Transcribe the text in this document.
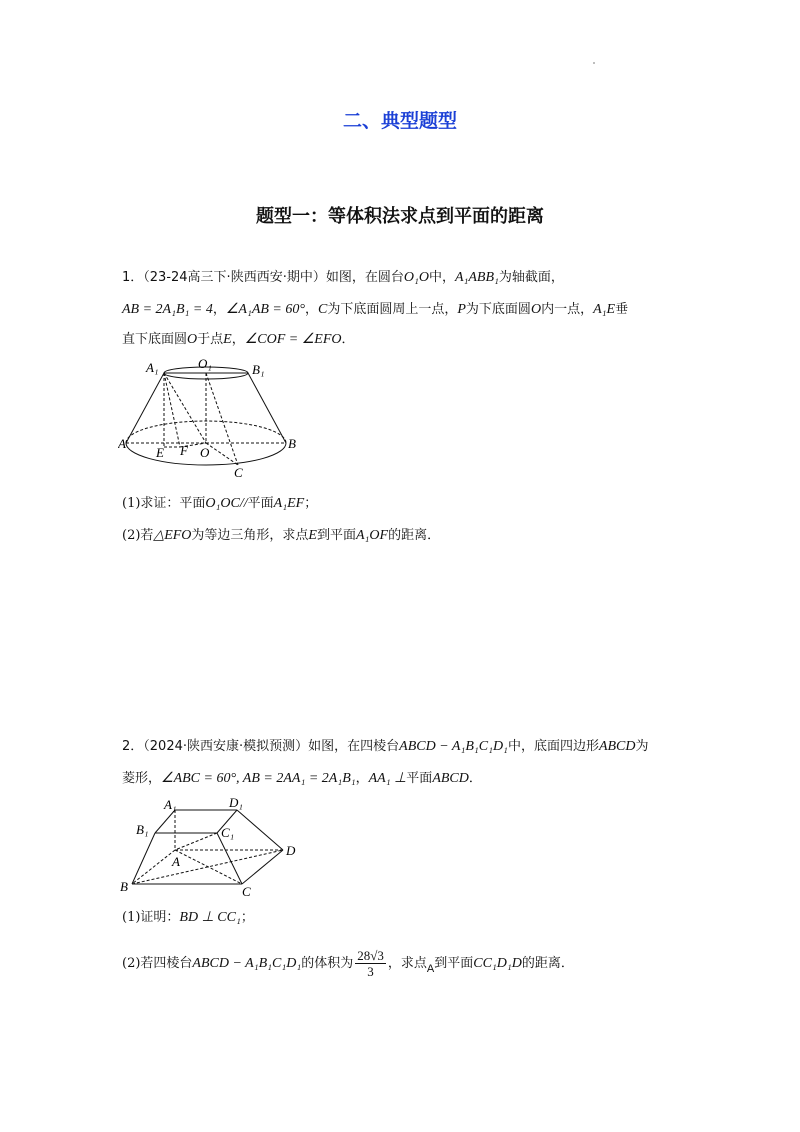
二、典型题型
题型一：等体积法求点到平面的距离
1．（23-24高三下·陕西西安·期中）如图，在圆台O₁O中，A₁ABB₁为轴截面，
AB = 2A₁B₁ = 4，∠A₁AB = 60°，C为下底面圆周上一点，P为下底面圆O内一点，A₁E垂
直下底面圆O于点E，∠COF = ∠EFO．
A₁	O₁	B₁
A	B
E F O
C
(1)求证：平面O₁OC//平面A₁EF；
(2)若△EFO为等边三角形，求点E到平面A₁OF的距离．
2．（2024·陕西安康·模拟预测）如图，在四棱台ABCD − A₁B₁C₁D₁中，底面四边形ABCD为
菱形，∠ABC = 60°, AB = 2AA₁ = 2A₁B₁，AA₁ ⊥平面ABCD．
A₁	D₁
B₁	C₁
A
D
B	C
(1)证明：BD ⊥ CC₁；
(2)若四棱台ABCD − A₁B₁C₁D₁的体积为 $\frac{28√3}{3}$ ，求点$_A$到平面CC₁D₁D的距离．
